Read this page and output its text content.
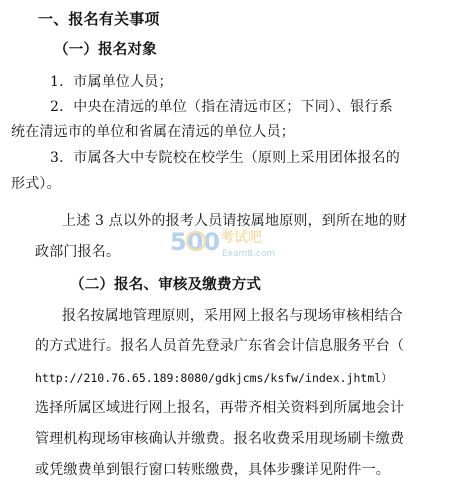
一、报名有关事项
（一）报名对象
1．市属单位人员；
2．中央在清远的单位（指在清远市区；下同）、银行系
统在清远市的单位和省属在清远的单位人员；
3．市属各大中专院校在校学生（原则上采用团体报名的
形式）。
上述 3 点以外的报考人员请按属地原则，到所在地的财
政部门报名。 500 考试吧
Exam8.com
（二）报名、审核及缴费方式
报名按属地管理原则，采用网上报名与现场审核相结合
的方式进行。报名人员首先登录广东省会计信息服务平台（
http://210.76.65.189:8080/gdkjcms/ksfw/index.jhtml）
选择所属区域进行网上报名，再带齐相关资料到所属地会计
管理机构现场审核确认并缴费。报名收费采用现场刷卡缴费
或凭缴费单到银行窗口转账缴费，具体步骤详见附件一。
